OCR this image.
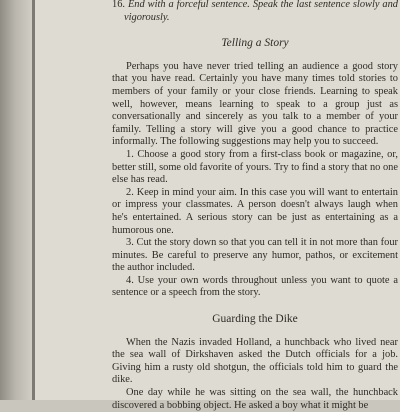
16. End with a forceful sentence. Speak the last sentence slowly and vigorously.

Telling a Story

Perhaps you have never tried telling an audience a good story that you have read. Certainly you have many times told stories to members of your family or your close friends. Learning to speak well, however, means learning to speak to a group just as conversationally and sincerely as you talk to a member of your family. Telling a story will give you a good chance to practice informally. The following suggestions may help you to succeed.

1. Choose a good story from a first-class book or magazine, or, better still, some old favorite of yours. Try to find a story that no one else has read.

2. Keep in mind your aim. In this case you will want to entertain or impress your classmates. A person doesn't always laugh when he's entertained. A serious story can be just as entertaining as a humorous one.

3. Cut the story down so that you can tell it in not more than four minutes. Be careful to preserve any humor, pathos, or excitement the author included.

4. Use your own words throughout unless you want to quote a sentence or a speech from the story.

Guarding the Dike

When the Nazis invaded Holland, a hunchback who lived near the sea wall of Dirkshaven asked the Dutch officials for a job. Giving him a rusty old shotgun, the officials told him to guard the dike.

One day while he was sitting on the sea wall, the hunchback discovered a bobbing object. He asked a boy what it might be
